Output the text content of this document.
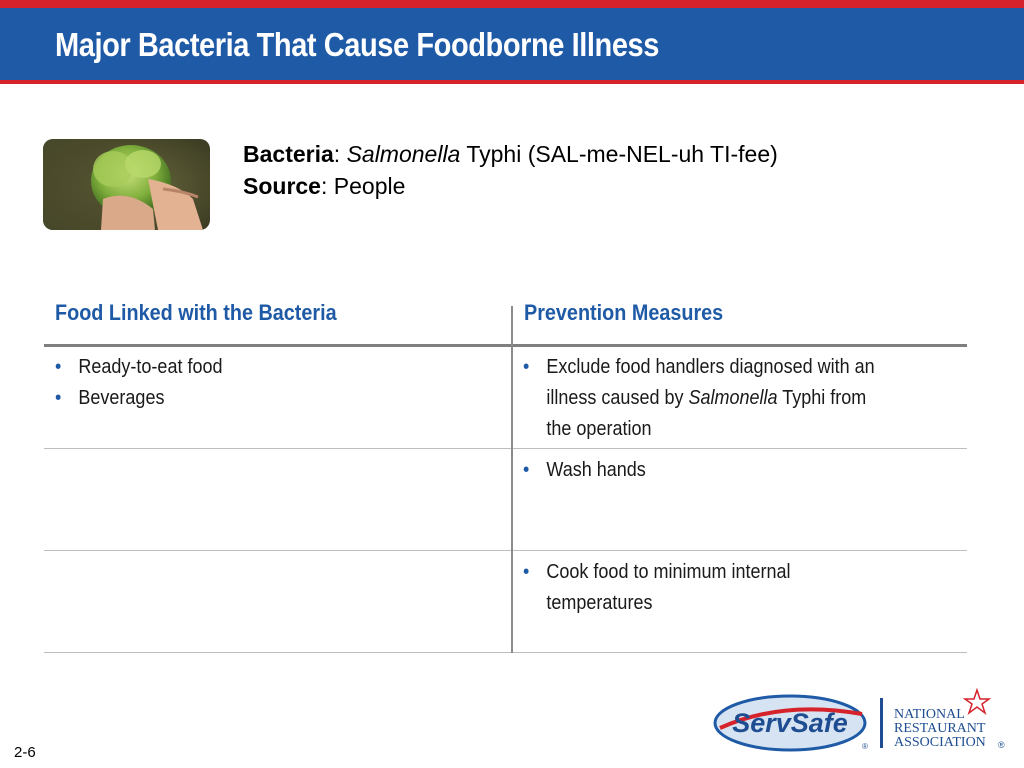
Major Bacteria That Cause Foodborne Illness
Bacteria: Salmonella Typhi (SAL-me-NEL-uh TI-fee)
Source: People
Food Linked with the Bacteria	Prevention Measures
• Ready-to-eat food
• Beverages
• Exclude food handlers diagnosed with an
illness caused by Salmonella Typhi from
the operation
• Wash hands
• Cook food to minimum internal
temperatures
2-6
ServSafe
®
NATIONAL
RESTAURANT
ASSOCIATION ®
